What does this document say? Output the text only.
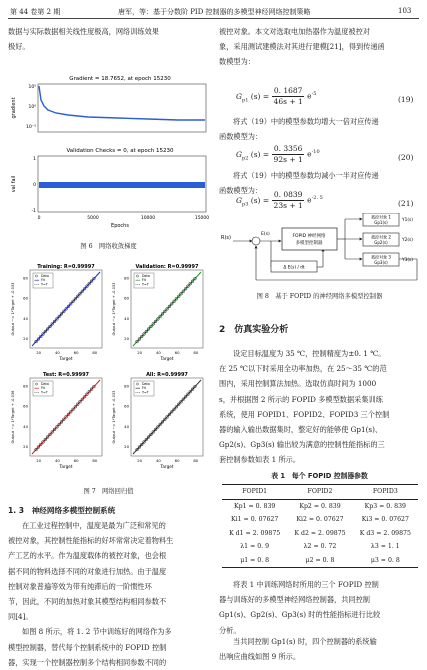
第 44 卷第 2 期	唐军，等：基于分数阶 PID 控制器的多模型神经网络控制策略	103
数据与实际数据相关线性度极高，网络训练效果
极好。
Gradient = 18.7652, at epoch 15230
gradient
10⁵
10⁰
10⁻⁵
Validation Checks = 0, at epoch 15230
val fail
1
0
-1
0	5000	10000	15000
Epochs
图 6　网络收敛梯度
Training: R=0.99997
Output ~= 1*Target + -0.033
20
20
40
40
60
60
80
80	Data
Fit
Y=T
Target
Validation: R=0.99997
Output ~= 1*Target + -0.033
20
20
40
40
60
60
80
80	Data
Fit
Y=T
Target
Test: R=0.99997
Output ~= 1*Target + -0.036
20
20
40
40
60
60
80
80	Data
Fit
Y=T
Target
All: R=0.99997
Output ~= 1*Target + -0.033
20
20
40
40
60
60
80
80	Data
Fit
Y=T
Target
图 7　网络回归值
1. 3　神经网络多模型控制系统
在工业过程控制中，温度是最为广泛和常见的
被控对象，其控制性能指标的好坏常常决定着物料生
产工艺的水平。作为温度载体的被控对象，也会根
据不同的物料选择不同的对象进行加热。由于温度
控制对象普遍等效为带有纯滞后的一阶惯性环
节，因此，不同的加热对象其模型结构相同参数不
同[4]。
如图 8 所示，将 1. 2 节中训练好的网络作为多
模型控制器，替代每个控制系统中的 FOPID 控制
器，实现一个控制器控制多个结构相同参数不同的
被控对象。本文对选取电加热器作为温度被控对
象，采用测试建模法对其进行建模[21]，得到传递函
数模型为：
$G_{p1}$ $(s) = \frac{0. 1687}{46s + 1} e^{-5}$
(19)
将式（19）中的模型参数均增大一倍对应传递
函数模型为：
$G_{p2}$ $(s) = \frac{0. 3356}{92s + 1} e^{-10}$
(20)
将式（19）中的模型参数均减小一半对应传递
函数模型为：
$G_{p3}$ $(s) = \frac{0. 0839}{23s + 1} e^{-2. 5}$
(21)
R(s)
E(s)
Δ E(s) / dt
FOPID 神经网络
多模型控制器
被控对象 1
Gp1(s)
被控对象 2
Gp2(s)
被控对象 3
Gp3(s)
Y1(s)
Y2(s)
Y3(s)
图 8　基于 FOPID 的神经网络多模型控制器
2　仿真实验分析
设定目标温度为 35 ℃，控制精度为±0. 1 ℃。
在 25 ℃以下时采用全功率加热，在 25～35 ℃的范
围内，采用控制算法加热。选取仿真时间为 1000
s，并根据图 2 所示的 FOPID 多模型数据采集训练
系统，使用 FOPID1、FOPID2、FOPID3 三个控制
器的输入输出数据集时，整定好的能够使 Gp1(s)、
Gp2(s)、Gp3(s) 输出较为满意的控制性能指标的三
套控制参数如表 1 所示。
表 1　每个 FOPID 控制器参数
FOPID1	FOPID2	FOPID3
Kp1 = 0. 839	Kp2 = 0. 839	Kp3 = 0. 839
Ki1 = 0. 07627	Ki2 = 0. 07627	Ki3 = 0. 07627
K d1 = 2. 09875	K d2 = 2. 09875	K d3 = 2. 09875
λ1 = 0. 9	λ2 = 0. 72	λ3 = 1. 1
μ1 = 0. 8	μ2 = 0. 8	μ3 = 0. 8
将表 1 中训练网络时所用的三个 FOPID 控制
器与训练好的多模型神经网络控制器，共同控制
Gp1(s)、Gp2(s)、Gp3(s) 时的性能指标进行比较
分析。
当共同控制 Gp1(s) 时，四个控制器的系统输
出响应曲线如图 9 所示。
